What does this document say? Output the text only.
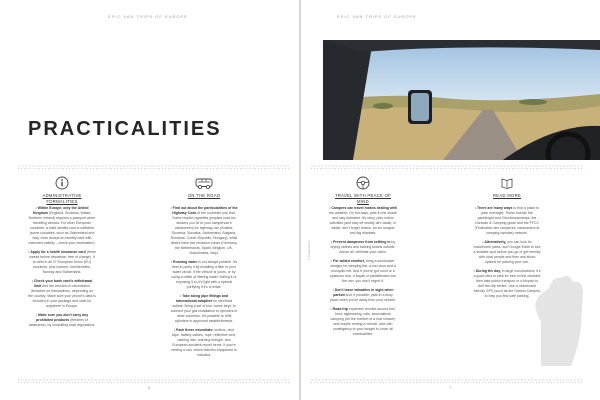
EPIC VAN TRIPS OF EUROPE
PRACTICALITIES
ADMINISTRATIVE FORMALITIES

• Within Europe, only the United Kingdom (England, Scotland, Wales, Northern Ireland) requires a passport when travelling abroad. For other European countries, a valid identity card is sufficient (some countries, such as Switzerland and Italy, even accept an identity card with extended validity – check your destination).

• Apply for a health insurance card (three weeks before departure, free of charge). It is valid in all 27 European Union (EU) countries, plus Iceland, Liechtenstein, Norway and Switzerland.

• Check your bank card's withdrawal limit and the amount of commission deducted on transactions, depending on the country. Make sure your phone's data is included in your package and valid for anywhere in Europe.

• Make sure you don't carry any prohibited products (firearms of weakness), by consulting local regulations.

ON THE ROAD

• Find out about the particularities of the Highway Code of the countries you visit. Some require vignettes (prepaid road tax stickers you fix to your campervan's windscreen) for highway use (Austria, Slovenia, Slovakia, Switzerland, Bulgaria, Romania, Czech Republic, Hungary), while others have low emission zones (Germany, the Netherlands, Spain, Belgium, UK, Scandinavia, Italy).

• Running water is not always potable. It's best to purify it by installing a filter in your water circuit. If the vehicle is yours, or by using a bottle of filtering water, boiling it or exposing it to UV light with a special purifying if it's a rental.

• Take along pipe fittings and international adapters for electrical outlets. Bring a set of four 'screw keys' to connect your gas installation to cylinders in other countries. It's possible to refill cylinders in approved establishments.

• Pack these essentials: toolbox, duct tape, battery cables, rope, reflective vest, parking disc, warning triangle, and European accident report forms. If you're renting a van, check that this equipment is included.

6
EPIC VAN TRIPS OF EUROPE
TRAVEL WITH PEACE OF MIND

• Campers can travel means dealing with the weather. On hot days, park in the shade and stay hydrated. It's rainy, plan indoor activities (and stay off muddy dirt roads). In winter, don't forget chains, an ice scraper and big blankets.

• Prevent dampness from settling in by drying clothes and bathing towels outside. Above all, ventilate your cabin.

• For added comfort, bring a sunshower, wedges for sleeping flat, a sun visor and a mosquito net. And if you've got room or a spacious rear, a kayak or paddleboard into the van, you won't regret it.

• Don't leave valuables in sight when parked and, if possible, park in a busy place when you're away from your vehicle.

• Road trip expenses revolve around fuel, food, sightseeing, tolls, associations camping (for the comfort of a real shower) and maybe renting a vehicle. Add with contingency to your budget to cover all eventualities.

READ MORE

• There are many ways to find a place to park overnight. These include the park4night and Checkbookcamps, the Caravan & Camping guide and the FFCC (Fédération des campeurs, caravaniers et camping-caristes) network.

• Alternatively, you can look for motorhome parks, surf Google Earth to see a suitable spot before you go or get friendly with local people and then ask about options for parking your van.

• During the day, in large conurbations, it's a good idea to park for free on the outskirts then take public transport or a bicycle to visit the city centre. Use a motorhome friendly GPS (such as the Garmin Camper) to help you find safe parking.

© Shutterstock
7
